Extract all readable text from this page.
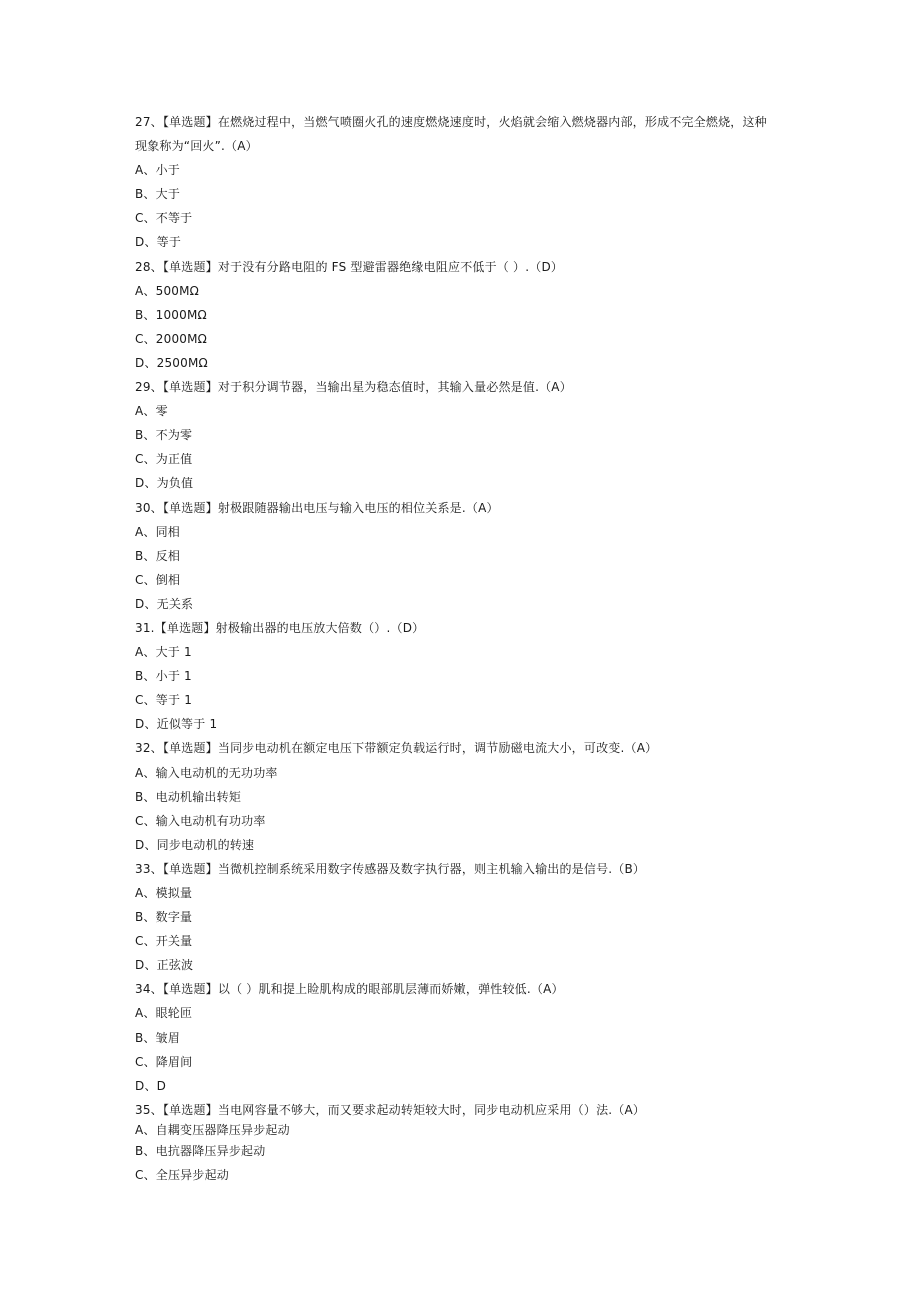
27、【单选题】在燃烧过程中，当燃气喷圈火孔的速度燃烧速度时，火焰就会缩入燃烧器内部，形成不完全燃烧，这种
现象称为“回火”.（A）
A、小于
B、大于
C、不等于
D、等于
28、【单选题】对于没有分路电阻的 FS 型避雷器绝缘电阻应不低于（ ）.（D）
A、500MΩ
B、1000MΩ
C、2000MΩ
D、2500MΩ
29、【单选题】对于积分调节器，当输出星为稳态值时，其输入量必然是值.（A）
A、零
B、不为零
C、为正值
D、为负值
30、【单选题】射极跟随器输出电压与输入电压的相位关系是.（A）
A、同相
B、反相
C、倒相
D、无关系
31.【单选题】射极输出器的电压放大倍数（）.（D）
A、大于 1
B、小于 1
C、等于 1
D、近似等于 1
32、【单选题】当同步电动机在额定电压下带额定负载运行时，调节励磁电流大小，可改变.（A）
A、输入电动机的无功功率
B、电动机输出转矩
C、输入电动机有功功率
D、同步电动机的转速
33、【单选题】当微机控制系统采用数字传感器及数字执行器，则主机输入输出的是信号.（B）
A、模拟量
B、数字量
C、开关量
D、正弦波
34、【单选题】以（ ）肌和提上睑肌构成的眼部肌层薄而娇嫩，弹性较低.（A）
A、眼轮匝
B、皱眉
C、降眉间
D、D
35、【单选题】当电网容量不够大，而又要求起动转矩较大时，同步电动机应采用（）法.（A）
A、自耦变压器降压异步起动
B、电抗器降压异步起动
C、全压异步起动
